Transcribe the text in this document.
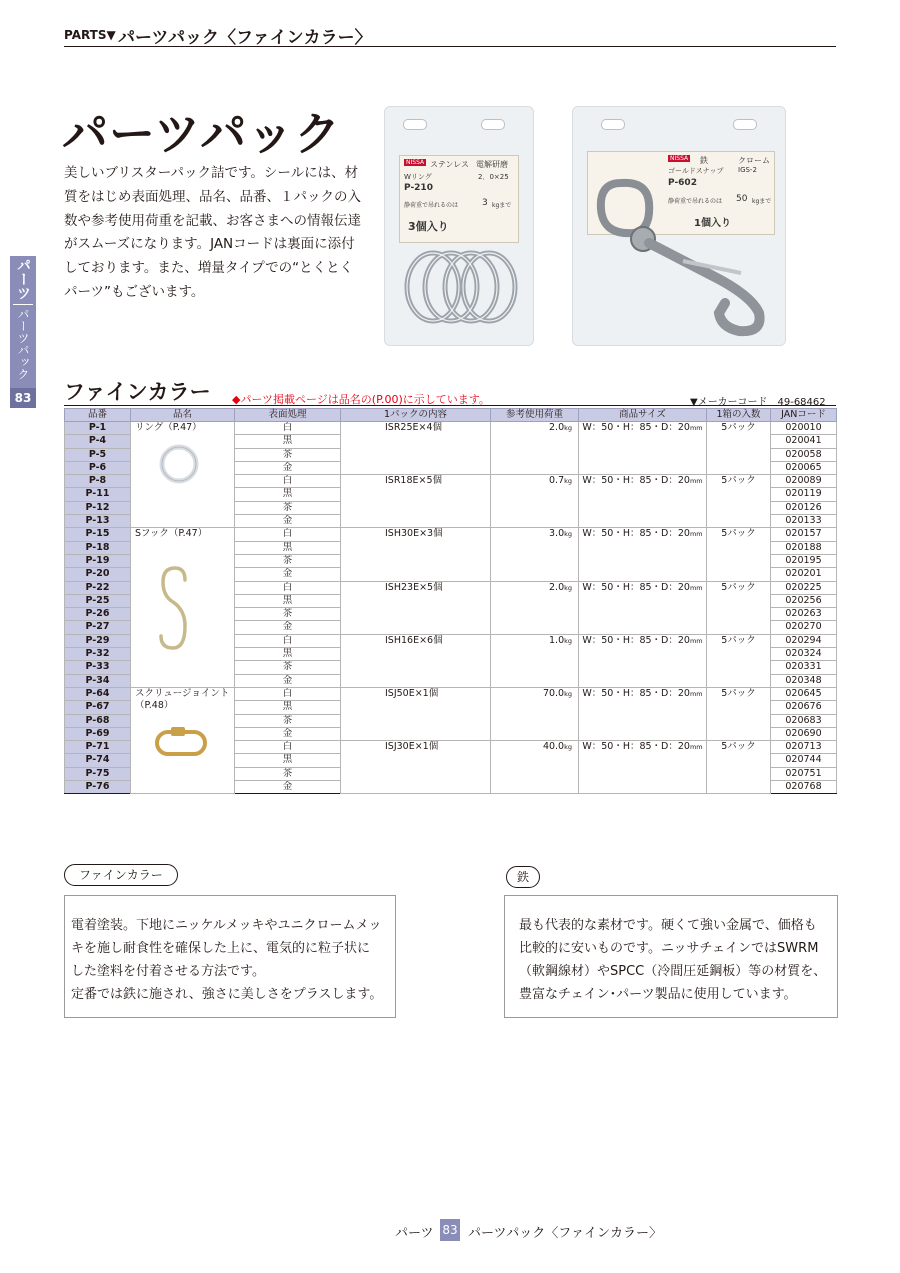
PARTS▼ パーツパック〈ファインカラー〉
パーツ
パーツパック
83
パーツパック
美しいブリスターパック詰です。シールには、材
質をはじめ表面処理、品名、品番、１パックの入
数や参考使用荷重を記載、お客さまへの情報伝達
がスムーズになります。JANコードは裏面に添付
しております。また、増量タイプでの“とくとく
パーツ”もございます。
NISSA ステンレス 電解研磨
Wリング	2．0×25
P-210
静荷重で吊れるのは	3 kgまで
3個入り
NISSA 鉄	クローム
ゴールドスナップ IGS-2
P-602
静荷重で吊れるのは 50 kgまで
1個入り
ファインカラー ◆パーツ掲載ページは品名の(P.00)に示しています。	▼メーカーコード　49-68462
品番	品名	表面処理	1パックの内容	参考使用荷重	商品サイズ	1箱の入数	JANコード
P-1	リング（P.47）	白	ISR25E×4個	2.0kg	W：50・H：85・D：20mm	5パック	020010
P-4		黒					020041
P-5		茶					020058
P-6		金					020065
P-8		白	ISR18E×5個	0.7kg	W：50・H：85・D：20mm	5パック	020089
P-11		黒					020119
P-12		茶					020126
P-13		金					020133
P-15	Sフック（P.47）	白	ISH30E×3個	3.0kg	W：50・H：85・D：20mm	5パック	020157
P-18		黒					020188
P-19		茶					020195
P-20		金					020201
P-22		白	ISH23E×5個	2.0kg	W：50・H：85・D：20mm	5パック	020225
P-25		黒					020256
P-26		茶					020263
P-27		金					020270
P-29		白	ISH16E×6個	1.0kg	W：50・H：85・D：20mm	5パック	020294
P-32		黒					020324
P-33		茶					020331
P-34		金					020348
P-64	スクリュージョイント
（P.48）	白	ISJ50E×1個	70.0kg	W：50・H：85・D：20mm	5パック	020645
P-67		黒					020676
P-68		茶					020683
P-69		金					020690
P-71		白	ISJ30E×1個	40.0kg	W：50・H：85・D：20mm	5パック	020713
P-74		黒					020744
P-75		茶					020751
P-76		金					020768
電着塗装。下地にニッケルメッキやユニクロームメッ
キを施し耐食性を確保した上に、電気的に粒子状に
した塗料を付着させる方法です。
定番では鉄に施され、強さに美しさをプラスします。
ファインカラー
最も代表的な素材です。硬くて強い金属で、価格も
比較的に安いものです。ニッサチェインではSWRM
（軟鋼線材）やSPCC（冷間圧延鋼板）等の材質を、
豊富なチェイン･パーツ製品に使用しています。
鉄
パーツ 83 パーツパック〈ファインカラー〉
